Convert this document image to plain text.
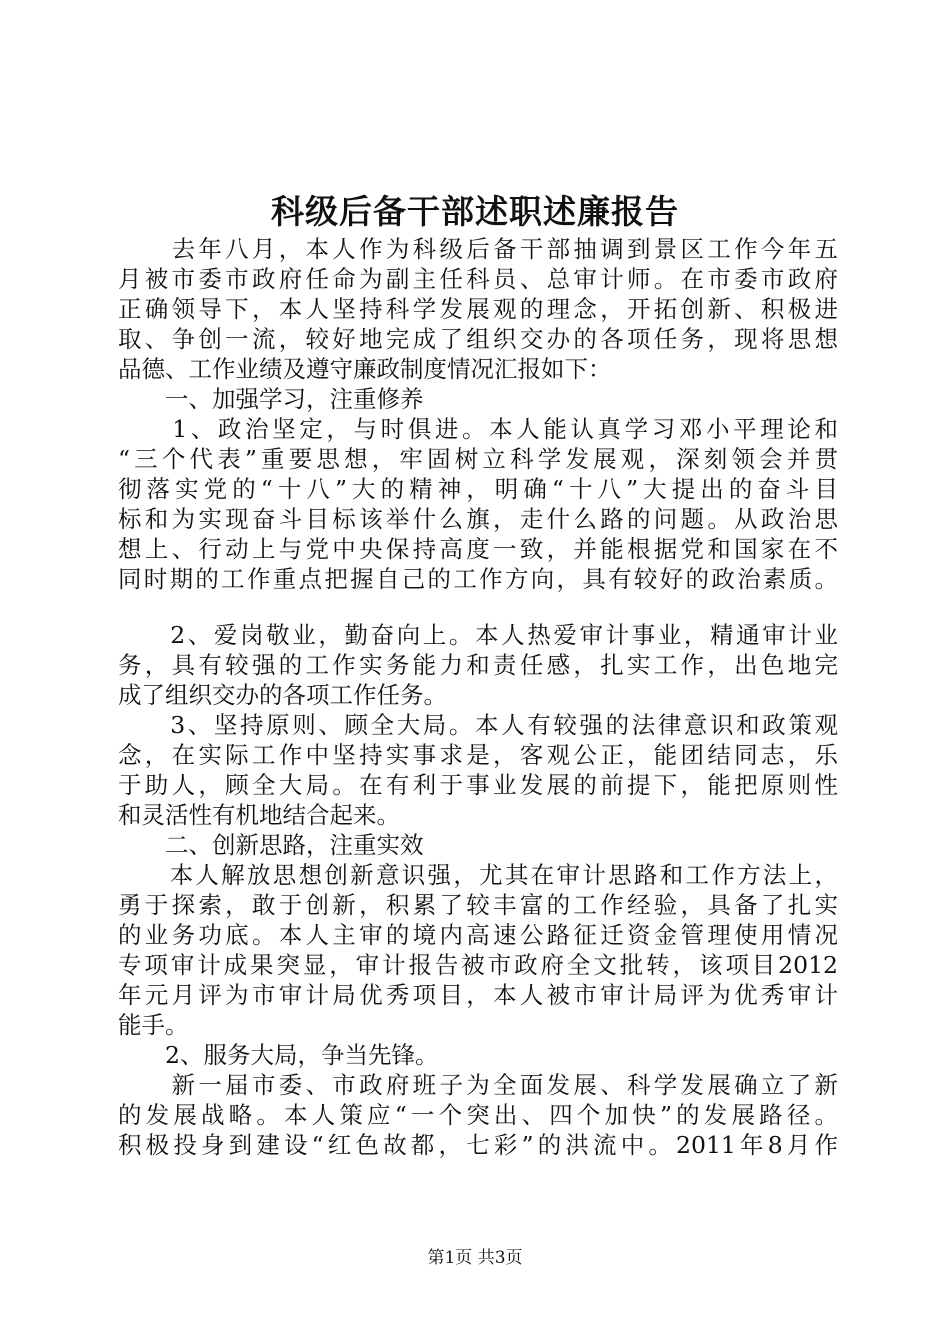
科级后备干部述职述廉报告
　　去年八月，本人作为科级后备干部抽调到景区工作今年五
月被市委市政府任命为副主任科员、总审计师。在市委市政府
正确领导下，本人坚持科学发展观的理念，开拓创新、积极进
取、争创一流，较好地完成了组织交办的各项任务，现将思想
品德、工作业绩及遵守廉政制度情况汇报如下：
　　一、加强学习，注重修养
　　1、政治坚定，与时俱进。本人能认真学习邓小平理论和
“三个代表”重要思想，牢固树立科学发展观，深刻领会并贯
彻落实党的“十八”大的精神，明确“十八”大提出的奋斗目
标和为实现奋斗目标该举什么旗，走什么路的问题。从政治思
想上、行动上与党中央保持高度一致，并能根据党和国家在不
同时期的工作重点把握自己的工作方向，具有较好的政治素质。
　　2、爱岗敬业，勤奋向上。本人热爱审计事业，精通审计业
务，具有较强的工作实务能力和责任感，扎实工作，出色地完
成了组织交办的各项工作任务。
　　3、坚持原则、顾全大局。本人有较强的法律意识和政策观
念，在实际工作中坚持实事求是，客观公正，能团结同志，乐
于助人，顾全大局。在有利于事业发展的前提下，能把原则性
和灵活性有机地结合起来。
　　二、创新思路，注重实效
　　本人解放思想创新意识强，尤其在审计思路和工作方法上，
勇于探索，敢于创新，积累了较丰富的工作经验，具备了扎实
的业务功底。本人主审的境内高速公路征迁资金管理使用情况
专项审计成果突显，审计报告被市政府全文批转，该项目2012
年元月评为市审计局优秀项目，本人被市审计局评为优秀审计
能手。
　　2、服务大局，争当先锋。
　　新一届市委、市政府班子为全面发展、科学发展确立了新
的发展战略。本人策应“一个突出、四个加快”的发展路径。
积极投身到建设“红色故都，七彩”的洪流中。2011年8月作
第1页 共3页
